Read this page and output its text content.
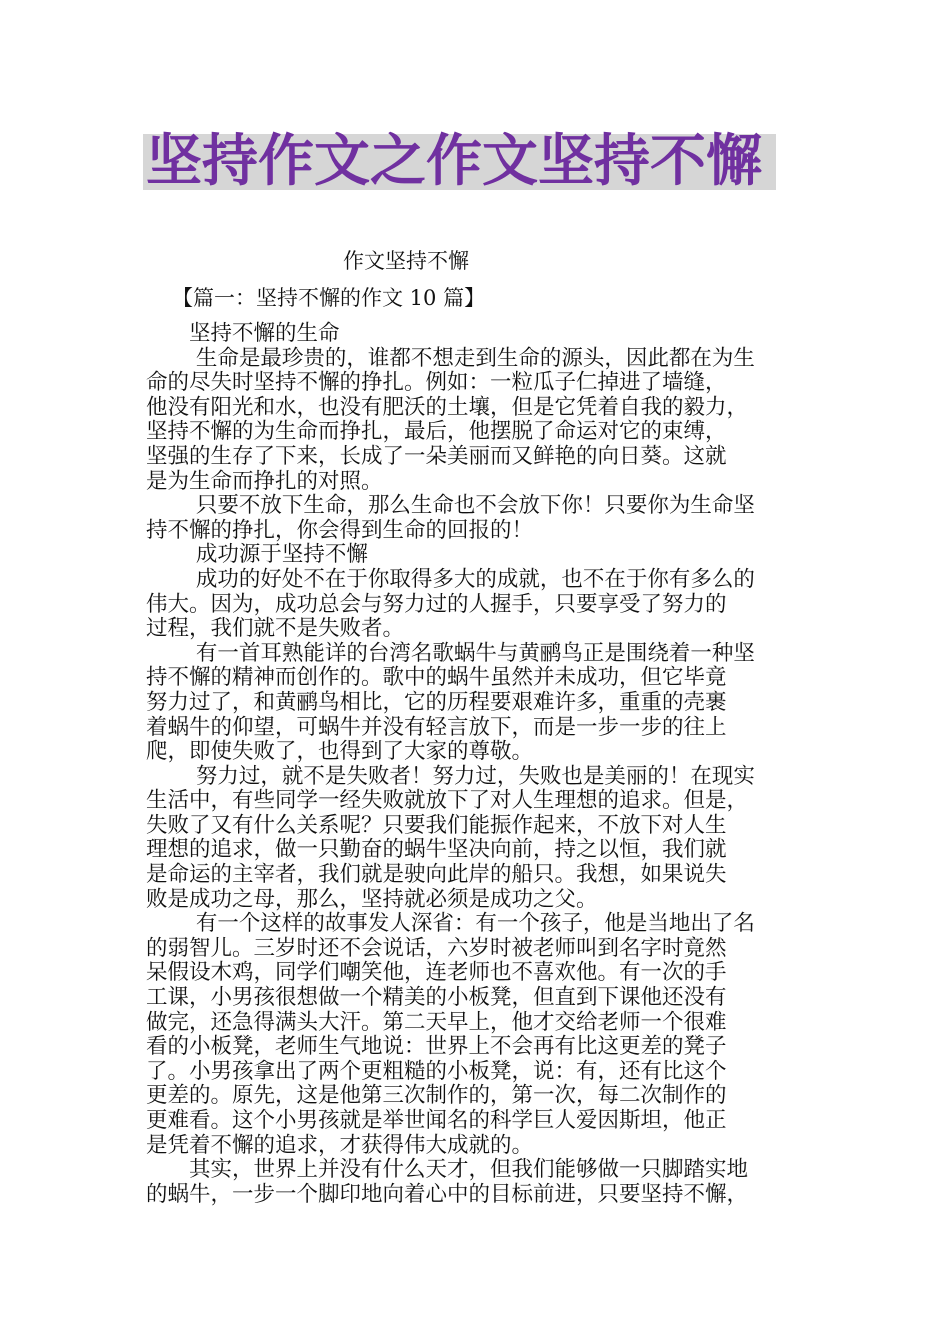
坚持作文之作文坚持不懈
作文坚持不懈
【篇一：坚持不懈的作文 10 篇】
　　坚持不懈的生命
　　 生命是最珍贵的，谁都不想走到生命的源头，因此都在为生
命的尽失时坚持不懈的挣扎。例如：一粒瓜子仁掉进了墙缝，
他没有阳光和水，也没有肥沃的土壤，但是它凭着自我的毅力，
坚持不懈的为生命而挣扎，最后，他摆脱了命运对它的束缚，
坚强的生存了下来，长成了一朵美丽而又鲜艳的向日葵。这就
是为生命而挣扎的对照。
　　 只要不放下生命，那么生命也不会放下你！只要你为生命坚
持不懈的挣扎，你会得到生命的回报的！
　　 成功源于坚持不懈
　　 成功的好处不在于你取得多大的成就，也不在于你有多么的
伟大。因为，成功总会与努力过的人握手，只要享受了努力的
过程，我们就不是失败者。
　　 有一首耳熟能详的台湾名歌蜗牛与黄鹂鸟正是围绕着一种坚
持不懈的精神而创作的。歌中的蜗牛虽然并未成功，但它毕竟
努力过了，和黄鹂鸟相比，它的历程要艰难许多，重重的壳裹
着蜗牛的仰望，可蜗牛并没有轻言放下，而是一步一步的往上
爬，即使失败了，也得到了大家的尊敬。
　　 努力过，就不是失败者！努力过，失败也是美丽的！在现实
生活中，有些同学一经失败就放下了对人生理想的追求。但是，
失败了又有什么关系呢？只要我们能振作起来，不放下对人生
理想的追求，做一只勤奋的蜗牛坚决向前，持之以恒，我们就
是命运的主宰者，我们就是驶向此岸的船只。我想，如果说失
败是成功之母，那么，坚持就必须是成功之父。
　　 有一个这样的故事发人深省：有一个孩子，他是当地出了名
的弱智儿。三岁时还不会说话，六岁时被老师叫到名字时竟然
呆假设木鸡，同学们嘲笑他，连老师也不喜欢他。有一次的手
工课，小男孩很想做一个精美的小板凳，但直到下课他还没有
做完，还急得满头大汗。第二天早上，他才交给老师一个很难
看的小板凳，老师生气地说：世界上不会再有比这更差的凳子
了。小男孩拿出了两个更粗糙的小板凳，说：有，还有比这个
更差的。原先，这是他第三次制作的，第一次，每二次制作的
更难看。这个小男孩就是举世闻名的科学巨人爱因斯坦，他正
是凭着不懈的追求，才获得伟大成就的。
　　其实，世界上并没有什么天才，但我们能够做一只脚踏实地
的蜗牛，一步一个脚印地向着心中的目标前进，只要坚持不懈，
